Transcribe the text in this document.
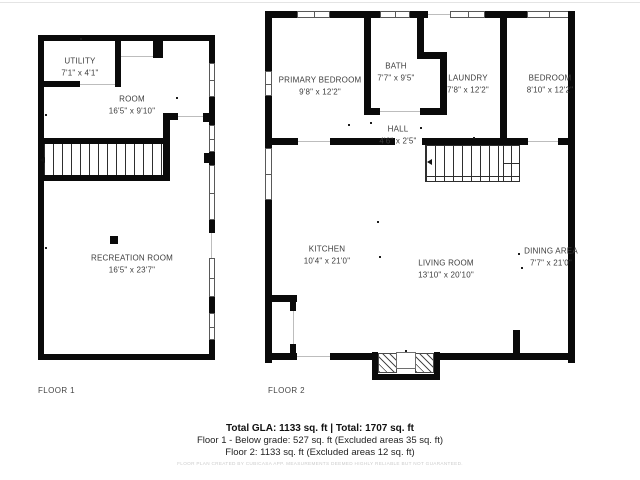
UTILITY
7'1" x 4'1"
ROOM
16'5" x 9'10"
RECREATION ROOM
16'5" x 23'7"
FLOOR 1
PRIMARY BEDROOM
9'8" x 12'2"
BATH
7'7" x 9'5"	LAUNDRY
7'8" x 12'2"
BEDROOM
8'10" x 12'2"
HALL
4'6" x 2'5"
KITCHEN
10'4" x 21'0"	LIVING ROOM
13'10" x 20'10"
DINING AREA
7'7" x 21'0"
FLOOR 2
Total GLA: 1133 sq. ft | Total: 1707 sq. ft
Floor 1 - Below grade: 527 sq. ft (Excluded areas 35 sq. ft)
Floor 2: 1133 sq. ft (Excluded areas 12 sq. ft)
FLOOR PLAN CREATED BY CUBICASA APP. MEASUREMENTS DEEMED HIGHLY RELIABLE BUT NOT GUARANTEED.
